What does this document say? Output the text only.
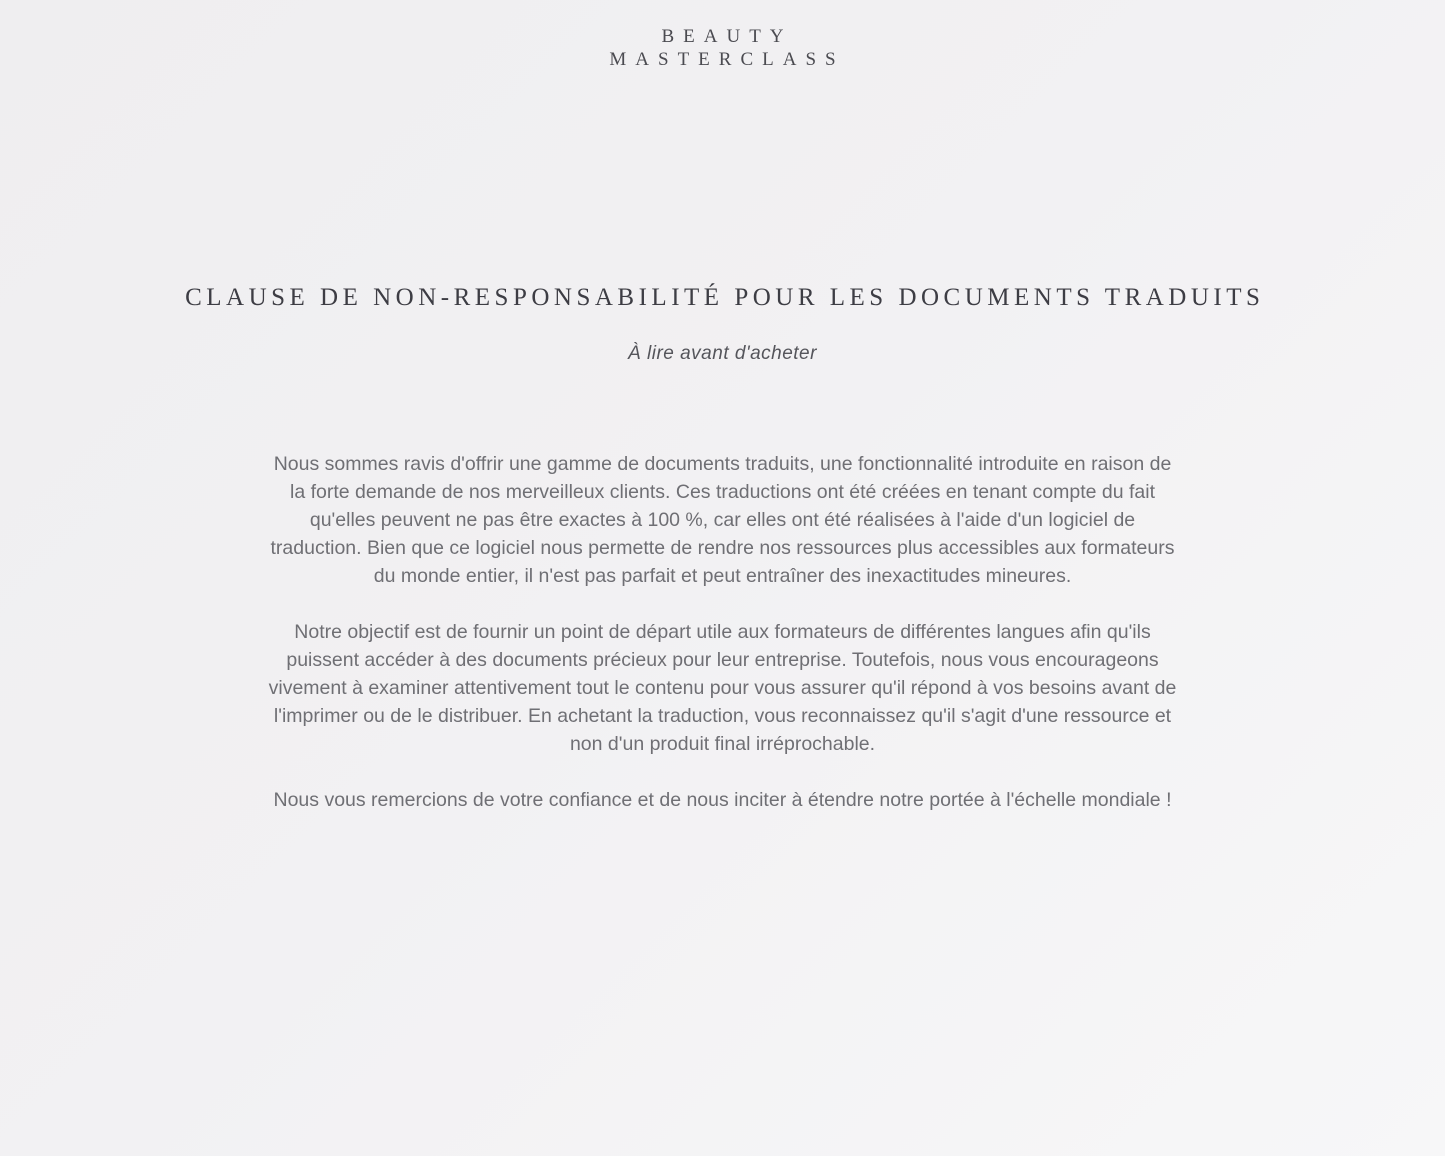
BEAUTY
MASTERCLASS
CLAUSE DE NON-RESPONSABILITÉ POUR LES DOCUMENTS TRADUITS
À lire avant d'acheter

Nous sommes ravis d'offrir une gamme de documents traduits, une fonctionnalité introduite en raison de la forte demande de nos merveilleux clients. Ces traductions ont été créées en tenant compte du fait qu'elles peuvent ne pas être exactes à 100 %, car elles ont été réalisées à l'aide d'un logiciel de traduction. Bien que ce logiciel nous permette de rendre nos ressources plus accessibles aux formateurs du monde entier, il n'est pas parfait et peut entraîner des inexactitudes mineures.

Notre objectif est de fournir un point de départ utile aux formateurs de différentes langues afin qu'ils puissent accéder à des documents précieux pour leur entreprise. Toutefois, nous vous encourageons vivement à examiner attentivement tout le contenu pour vous assurer qu'il répond à vos besoins avant de l'imprimer ou de le distribuer. En achetant la traduction, vous reconnaissez qu'il s'agit d'une ressource et non d'un produit final irréprochable.

Nous vous remercions de votre confiance et de nous inciter à étendre notre portée à l'échelle mondiale !
